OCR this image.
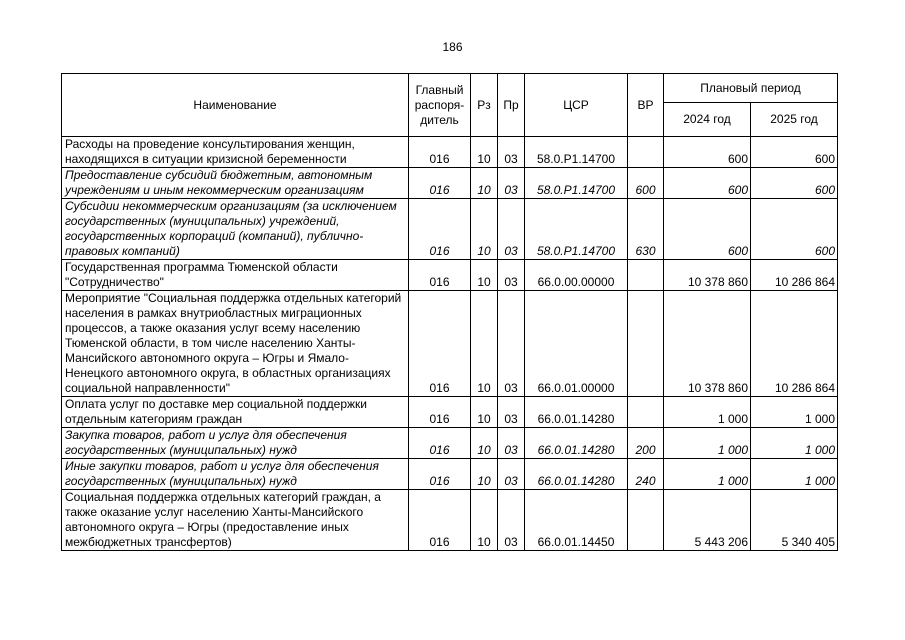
186
Наименование	Главный распоря-дитель	Рз	Пр	ЦСР	ВР	Плановый период	
						2024 год	2025 год
Расходы на проведение консультирования женщин, находящихся в ситуации кризисной беременности	016	10	03	58.0.Р1.14700		600	600
Предоставление субсидий бюджетным, автономным учреждениям и иным некоммерческим организациям	016	10	03	58.0.Р1.14700	600	600	600
Субсидии некоммерческим организациям (за исключением государственных (муниципальных) учреждений, государственных корпораций (компаний), публично-правовых компаний)	016	10	03	58.0.Р1.14700	630	600	600
Государственная программа Тюменской области "Сотрудничество"	016	10	03	66.0.00.00000		10 378 860	10 286 864
Мероприятие "Социальная поддержка отдельных категорий населения в рамках внутриобластных миграционных процессов, а также оказания услуг всему населению Тюменской области, в том числе населению Ханты-Мансийского автономного округа – Югры и Ямало-Ненецкого автономного округа, в областных организациях социальной направленности"	016	10	03	66.0.01.00000		10 378 860	10 286 864
Оплата услуг по доставке мер социальной поддержки отдельным категориям граждан	016	10	03	66.0.01.14280		1 000	1 000
Закупка товаров, работ и услуг для обеспечения государственных (муниципальных) нужд	016	10	03	66.0.01.14280	200	1 000	1 000
Иные закупки товаров, работ и услуг для обеспечения государственных (муниципальных) нужд	016	10	03	66.0.01.14280	240	1 000	1 000
Социальная поддержка отдельных категорий граждан, а также оказание услуг населению Ханты-Мансийского автономного округа – Югры (предоставление иных межбюджетных трансфертов)	016	10	03	66.0.01.14450		5 443 206	5 340 405
